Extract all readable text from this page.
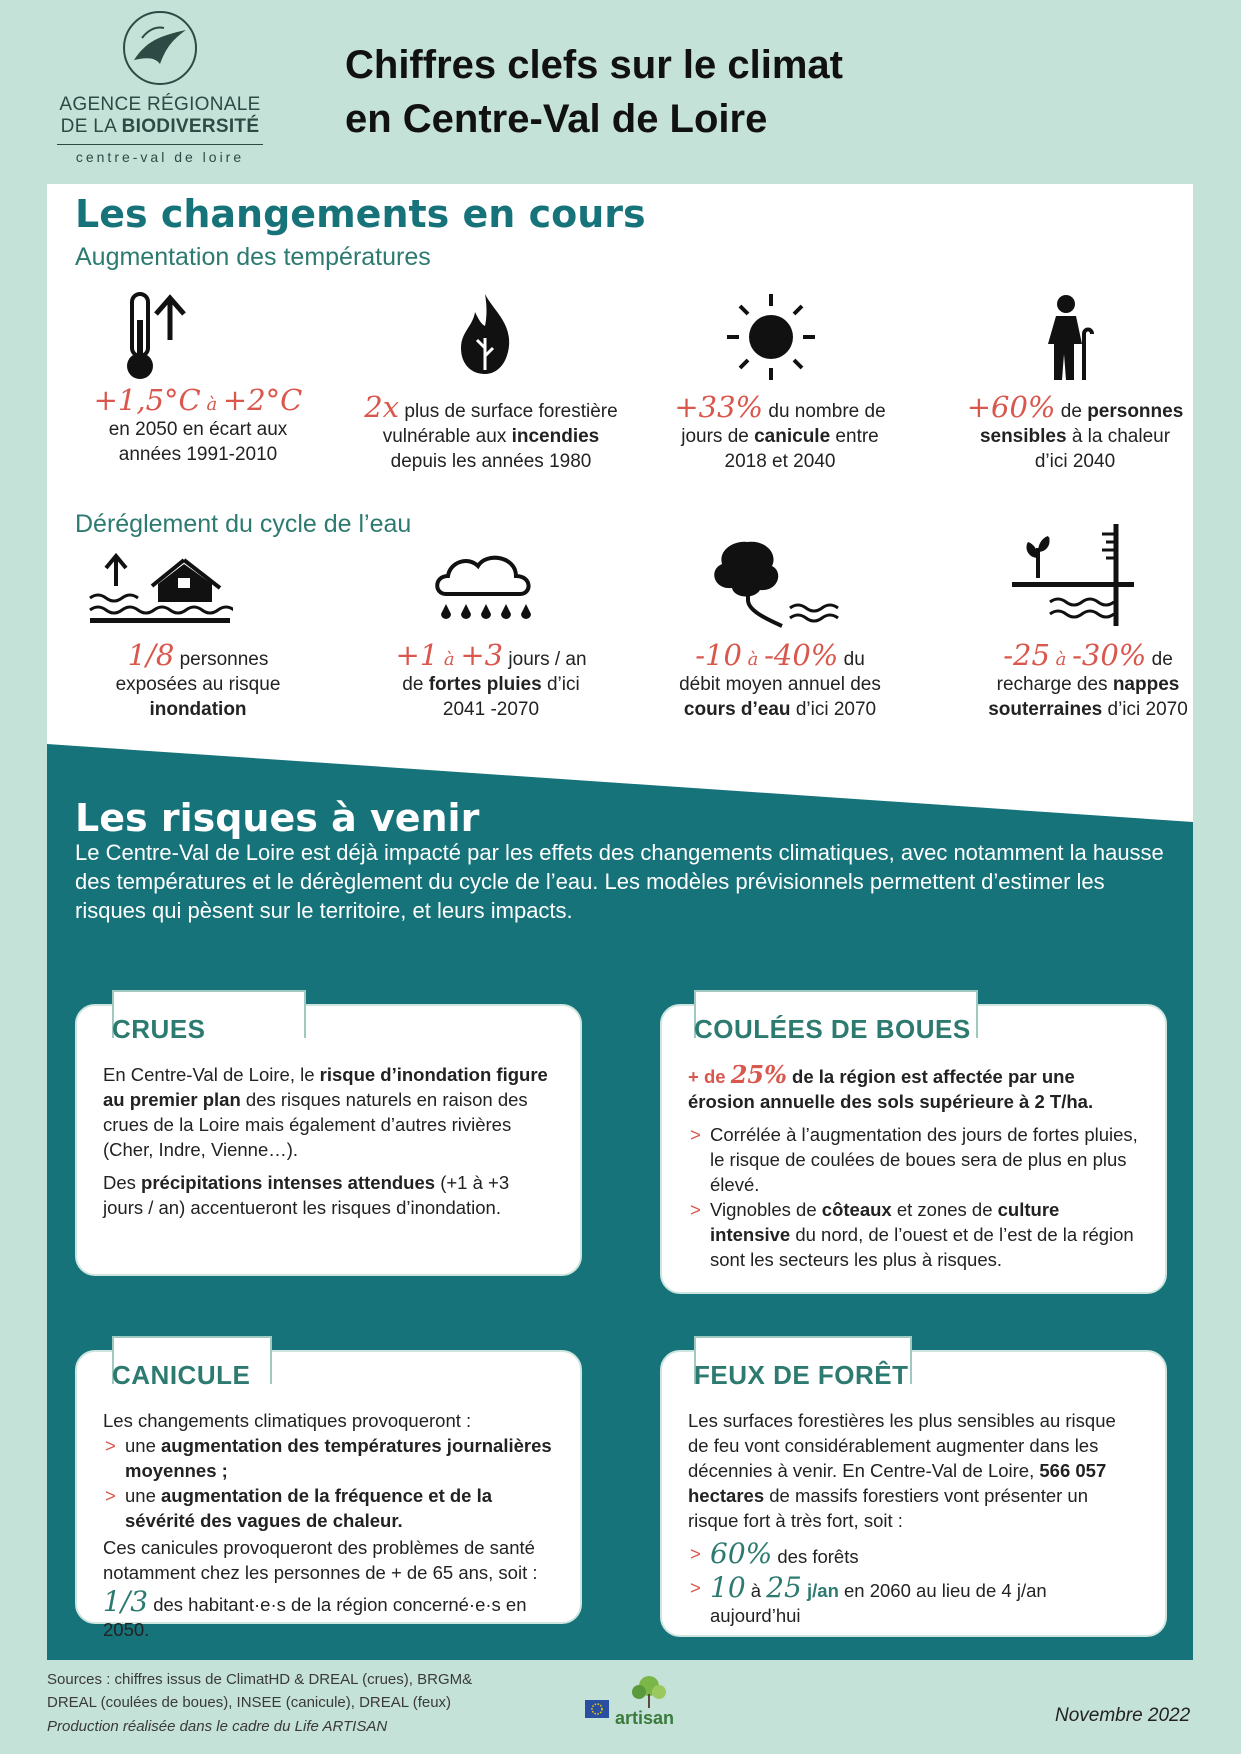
AGENCE RÉGIONALE
DE LA BIODIVERSITÉ
centre-val de loire
Chiffres clefs sur le climat
en Centre-Val de Loire
Les changements en cours
Augmentation des températures
+1,5°C à +2°C
en 2050 en écart aux
années 1991-2010
2x plus de surface forestière
vulnérable aux incendies
depuis les années 1980
+33% du nombre de
jours de canicule entre
2018 et 2040
+60% de personnes
sensibles à la chaleur
d’ici 2040
Déréglement du cycle de l’eau
1/8 personnes
exposées au risque
inondation
+1 à +3 jours / an
de fortes pluies d’ici
2041 -2070
-10 à -40% du
débit moyen annuel des
cours d’eau d’ici 2070
-25 à -30% de
recharge des nappes
souterraines d’ici 2070
Les risques à venir
Le Centre-Val de Loire est déjà impacté par les effets des changements climatiques, avec notamment la hausse des températures et le dérèglement du cycle de l’eau. Les modèles prévisionnels permettent d’estimer les risques qui pèsent sur le territoire, et leurs impacts.

En Centre-Val de Loire, le risque d’inondation figure au premier plan des risques naturels en raison des crues de la Loire mais également d’autres rivières (Cher, Indre, Vienne…).

Des précipitations intenses attendues (+1 à +3 jours / an) accentueront les risques d’inondation.

CRUES

+ de 25% de la région est affectée par une érosion annuelle des sols supérieure à 2 T/ha.

> Corrélée à l’augmentation des jours de fortes pluies, le risque de coulées de boues sera de plus en plus élevé.
> Vignobles de côteaux et zones de culture intensive du nord, de l’ouest et de l’est de la région sont les secteurs les plus à risques.
COULÉES DE BOUES

Les changements climatiques provoqueront :

> une augmentation des températures journalières moyennes ;
> une augmentation de la fréquence et de la sévérité des vagues de chaleur.

Ces canicules provoqueront des problèmes de santé notamment chez les personnes de + de 65 ans, soit :

1/3 des habitant·e·s de la région concerné·e·s en 2050.

CANICULE

Les surfaces forestières les plus sensibles au risque de feu vont considérablement augmenter dans les décennies à venir. En Centre-Val de Loire, 566 057 hectares de massifs forestiers vont présenter un risque fort à très fort, soit :

> 60% des forêts
> 10 à 25 j/an en 2060 au lieu de 4 j/an aujourd’hui
FEUX DE FORÊT
Sources : chiffres issus de ClimatHD & DREAL (crues), BRGM&
DREAL (coulées de boues), INSEE (canicule), DREAL (feux)
Production réalisée dans le cadre du Life ARTISAN	artisan	Novembre 2022
